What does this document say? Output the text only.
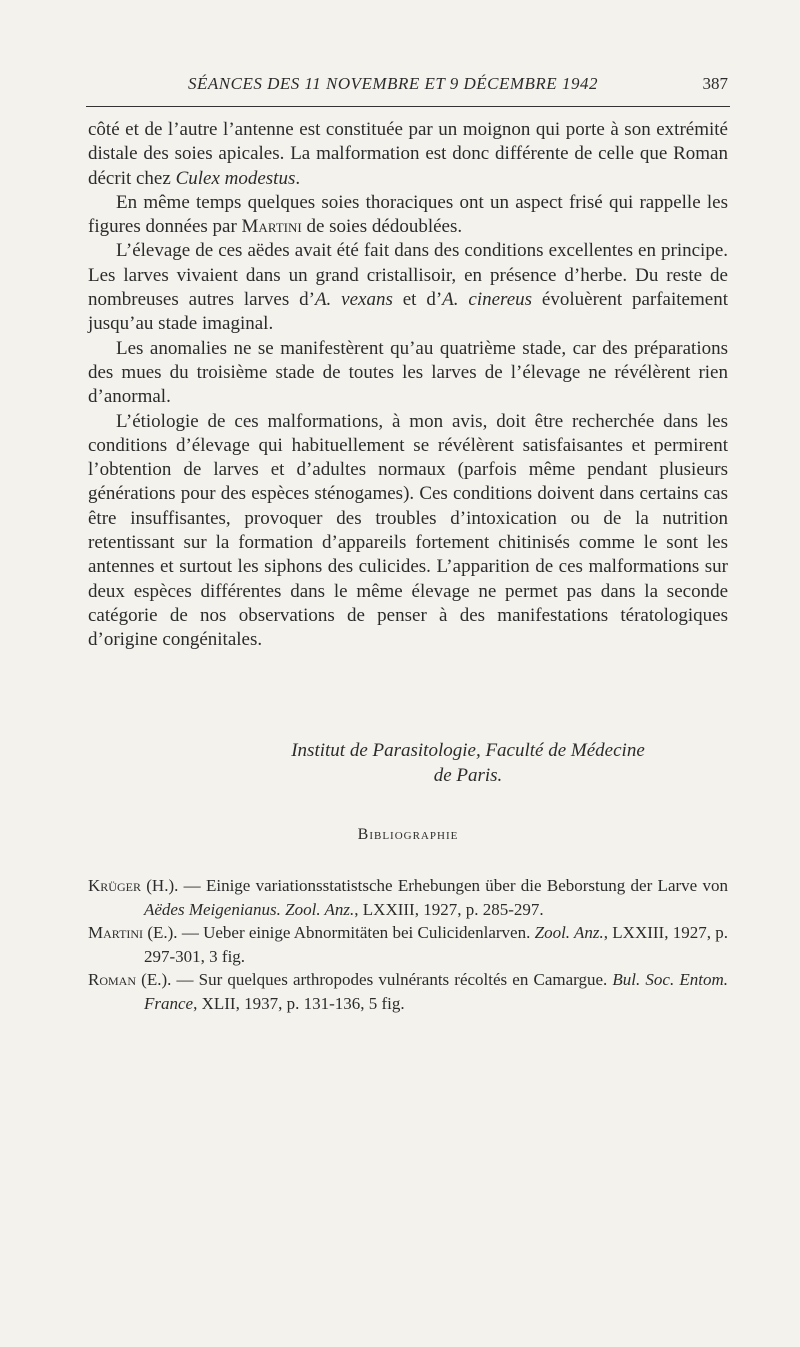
SÉANCES DES 11 NOVEMBRE ET 9 DÉCEMBRE 1942	387

côté et de l’autre l’antenne est constituée par un moignon qui porte à son extrémité distale des soies apicales. La malformation est donc différente de celle que Roman décrit chez Culex modestus.

En même temps quelques soies thoraciques ont un aspect frisé qui rappelle les figures données par Martini de soies dédoublées.

L’élevage de ces aëdes avait été fait dans des conditions excellentes en principe. Les larves vivaient dans un grand cristallisoir, en présence d’herbe. Du reste de nombreuses autres larves d’A. vexans et d’A. cinereus évoluèrent parfaitement jusqu’au stade imaginal.

Les anomalies ne se manifestèrent qu’au quatrième stade, car des préparations des mues du troisième stade de toutes les larves de l’élevage ne révélèrent rien d’anormal.

L’étiologie de ces malformations, à mon avis, doit être recherchée dans les conditions d’élevage qui habituellement se révélèrent satisfaisantes et permirent l’obtention de larves et d’adultes normaux (parfois même pendant plusieurs générations pour des espèces sténogames). Ces conditions doivent dans certains cas être insuffisantes, provoquer des troubles d’intoxication ou de la nutrition retentissant sur la formation d’appareils fortement chitinisés comme le sont les antennes et surtout les siphons des culicides. L’apparition de ces malformations sur deux espèces différentes dans le même élevage ne permet pas dans la seconde catégorie de nos observations de penser à des manifestations tératologiques d’origine congénitales.

Institut de Parasitologie, Faculté de Médecine
de Paris.
Bibliographie

Krüger (H.). — Einige variationsstatistsche Erhebungen über die Beborstung der Larve von Aëdes Meigenianus. Zool. Anz., LXXIII, 1927, p. 285-297.

Martini (E.). — Ueber einige Abnormitäten bei Culicidenlarven. Zool. Anz., LXXIII, 1927, p. 297-301, 3 fig.

Roman (E.). — Sur quelques arthropodes vulnérants récoltés en Camargue. Bul. Soc. Entom. France, XLII, 1937, p. 131-136, 5 fig.
